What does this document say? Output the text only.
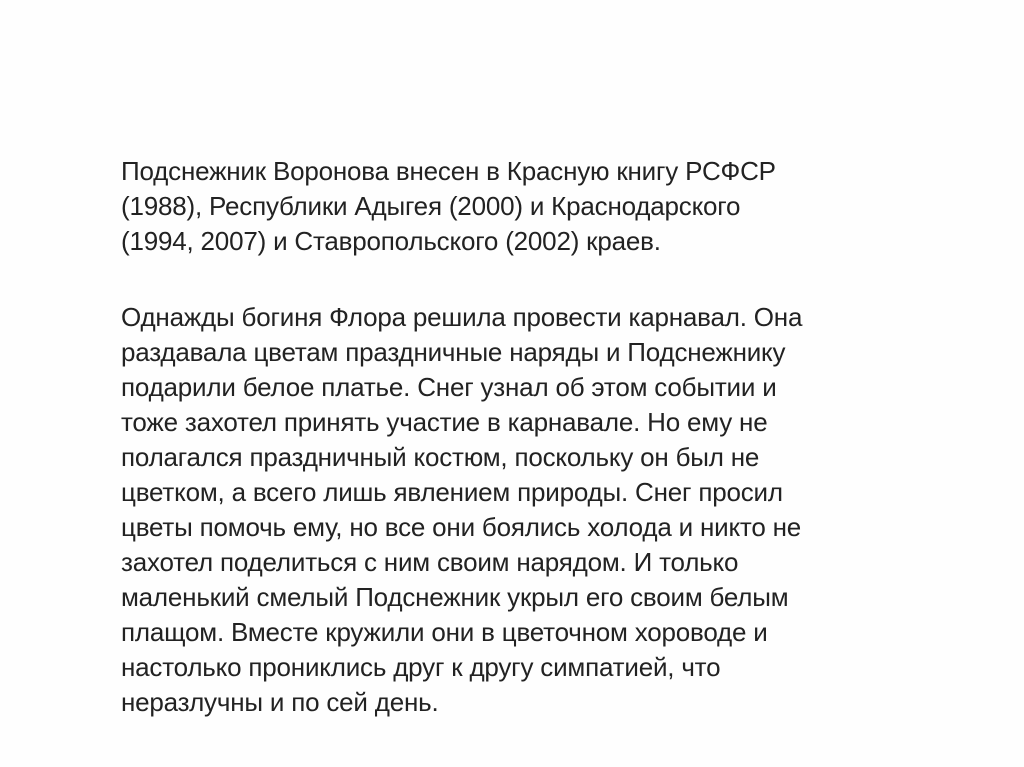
Подснежник Воронова внесен в Красную книгу РСФСР
(1988), Республики Адыгея (2000) и Краснодарского
(1994, 2007) и Ставропольского (2002) краев.
Однажды богиня Флора решила провести карнавал. Она
раздавала цветам праздничные наряды и Подснежнику
подарили белое платье. Снег узнал об этом событии и
тоже захотел принять участие в карнавале. Но ему не
полагался праздничный костюм, поскольку он был не
цветком, а всего лишь явлением природы. Снег просил
цветы помочь ему, но все они боялись холода и никто не
захотел поделиться с ним своим нарядом. И только
маленький смелый Подснежник укрыл его своим белым
плащом. Вместе кружили они в цветочном хороводе и
настолько прониклись друг к другу симпатией, что
неразлучны и по сей день.
